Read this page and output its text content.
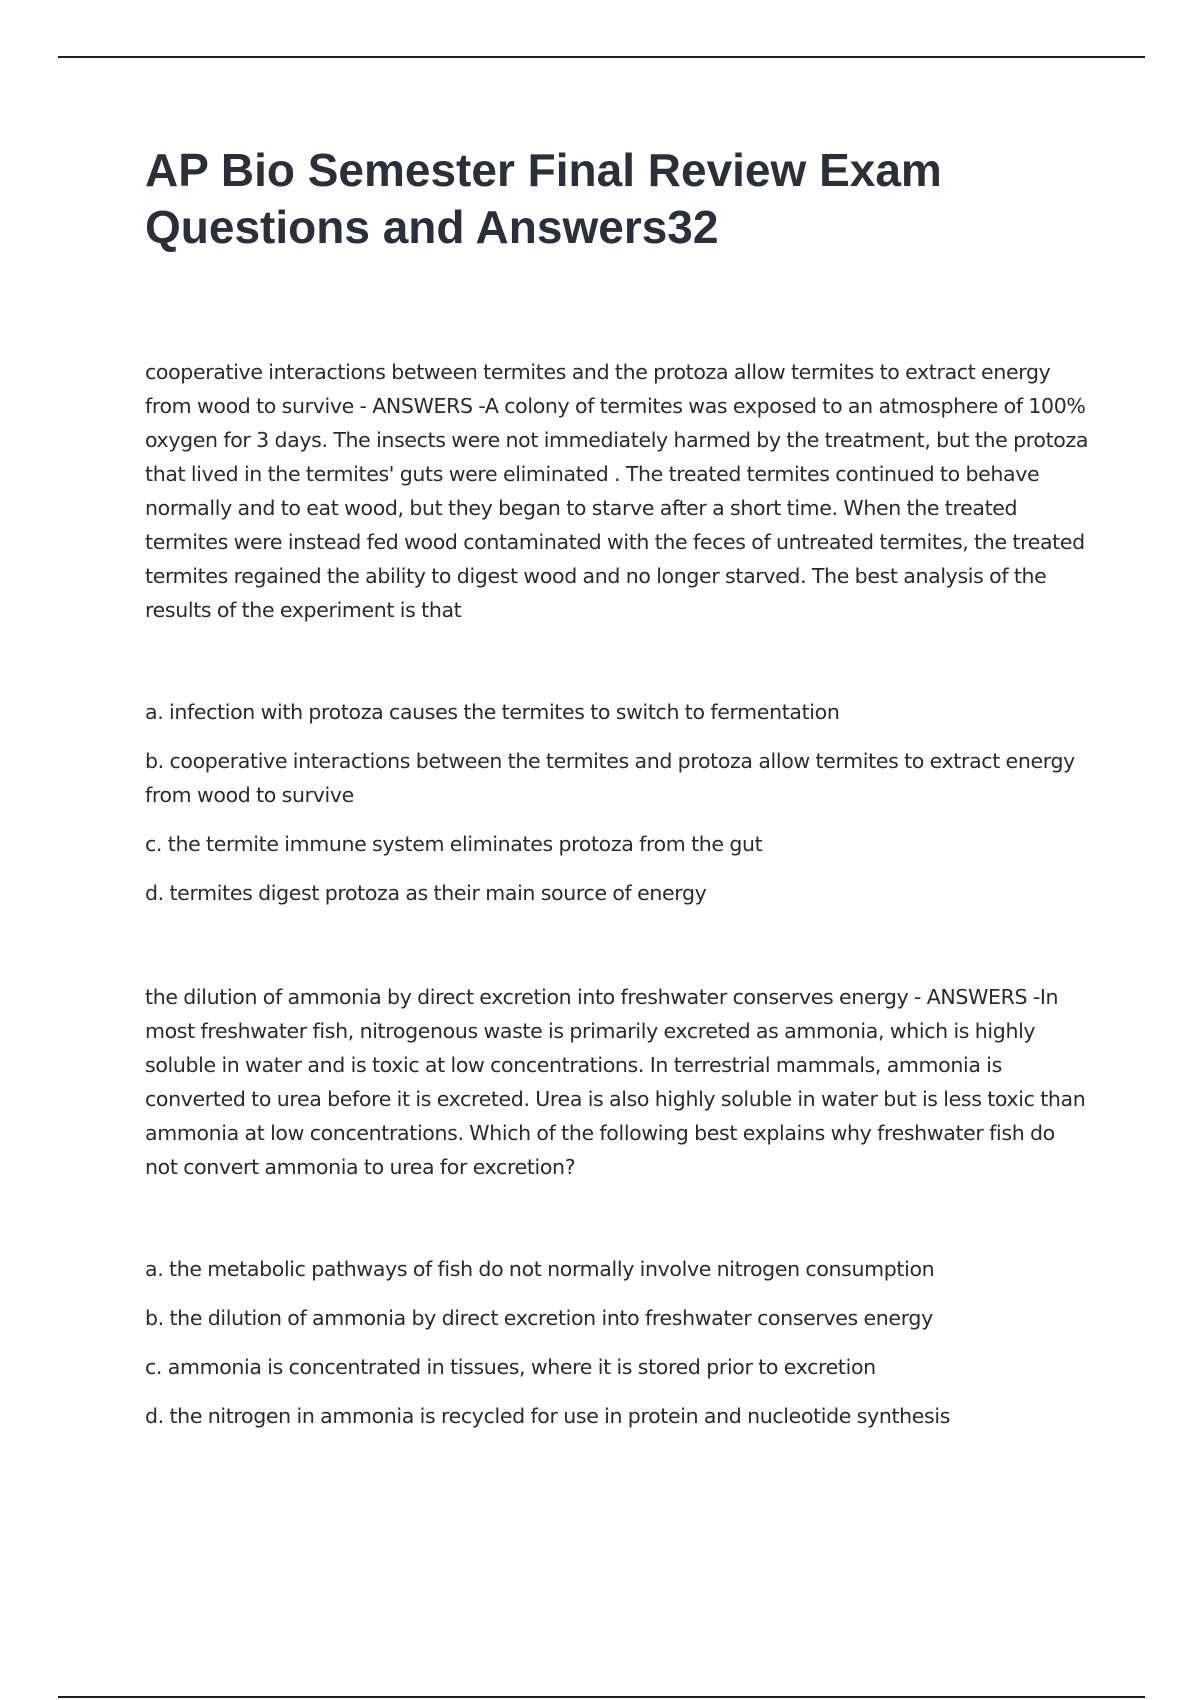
AP Bio Semester Final Review Exam Questions and Answers32

cooperative interactions between termites and the protoza allow termites to extract energy from wood to survive - ANSWERS -A colony of termites was exposed to an atmosphere of 100% oxygen for 3 days. The insects were not immediately harmed by the treatment, but the protoza that lived in the termites' guts were eliminated . The treated termites continued to behave normally and to eat wood, but they began to starve after a short time. When the treated termites were instead fed wood contaminated with the feces of untreated termites, the treated termites regained the ability to digest wood and no longer starved. The best analysis of the results of the experiment is that

a. infection with protoza causes the termites to switch to fermentation
b. cooperative interactions between the termites and protoza allow termites to extract energy from wood to survive
c. the termite immune system eliminates protoza from the gut
d. termites digest protoza as their main source of energy

the dilution of ammonia by direct excretion into freshwater conserves energy - ANSWERS -In most freshwater fish, nitrogenous waste is primarily excreted as ammonia, which is highly soluble in water and is toxic at low concentrations. In terrestrial mammals, ammonia is converted to urea before it is excreted. Urea is also highly soluble in water but is less toxic than ammonia at low concentrations. Which of the following best explains why freshwater fish do not convert ammonia to urea for excretion?

a. the metabolic pathways of fish do not normally involve nitrogen consumption
b. the dilution of ammonia by direct excretion into freshwater conserves energy
c. ammonia is concentrated in tissues, where it is stored prior to excretion
d. the nitrogen in ammonia is recycled for use in protein and nucleotide synthesis
